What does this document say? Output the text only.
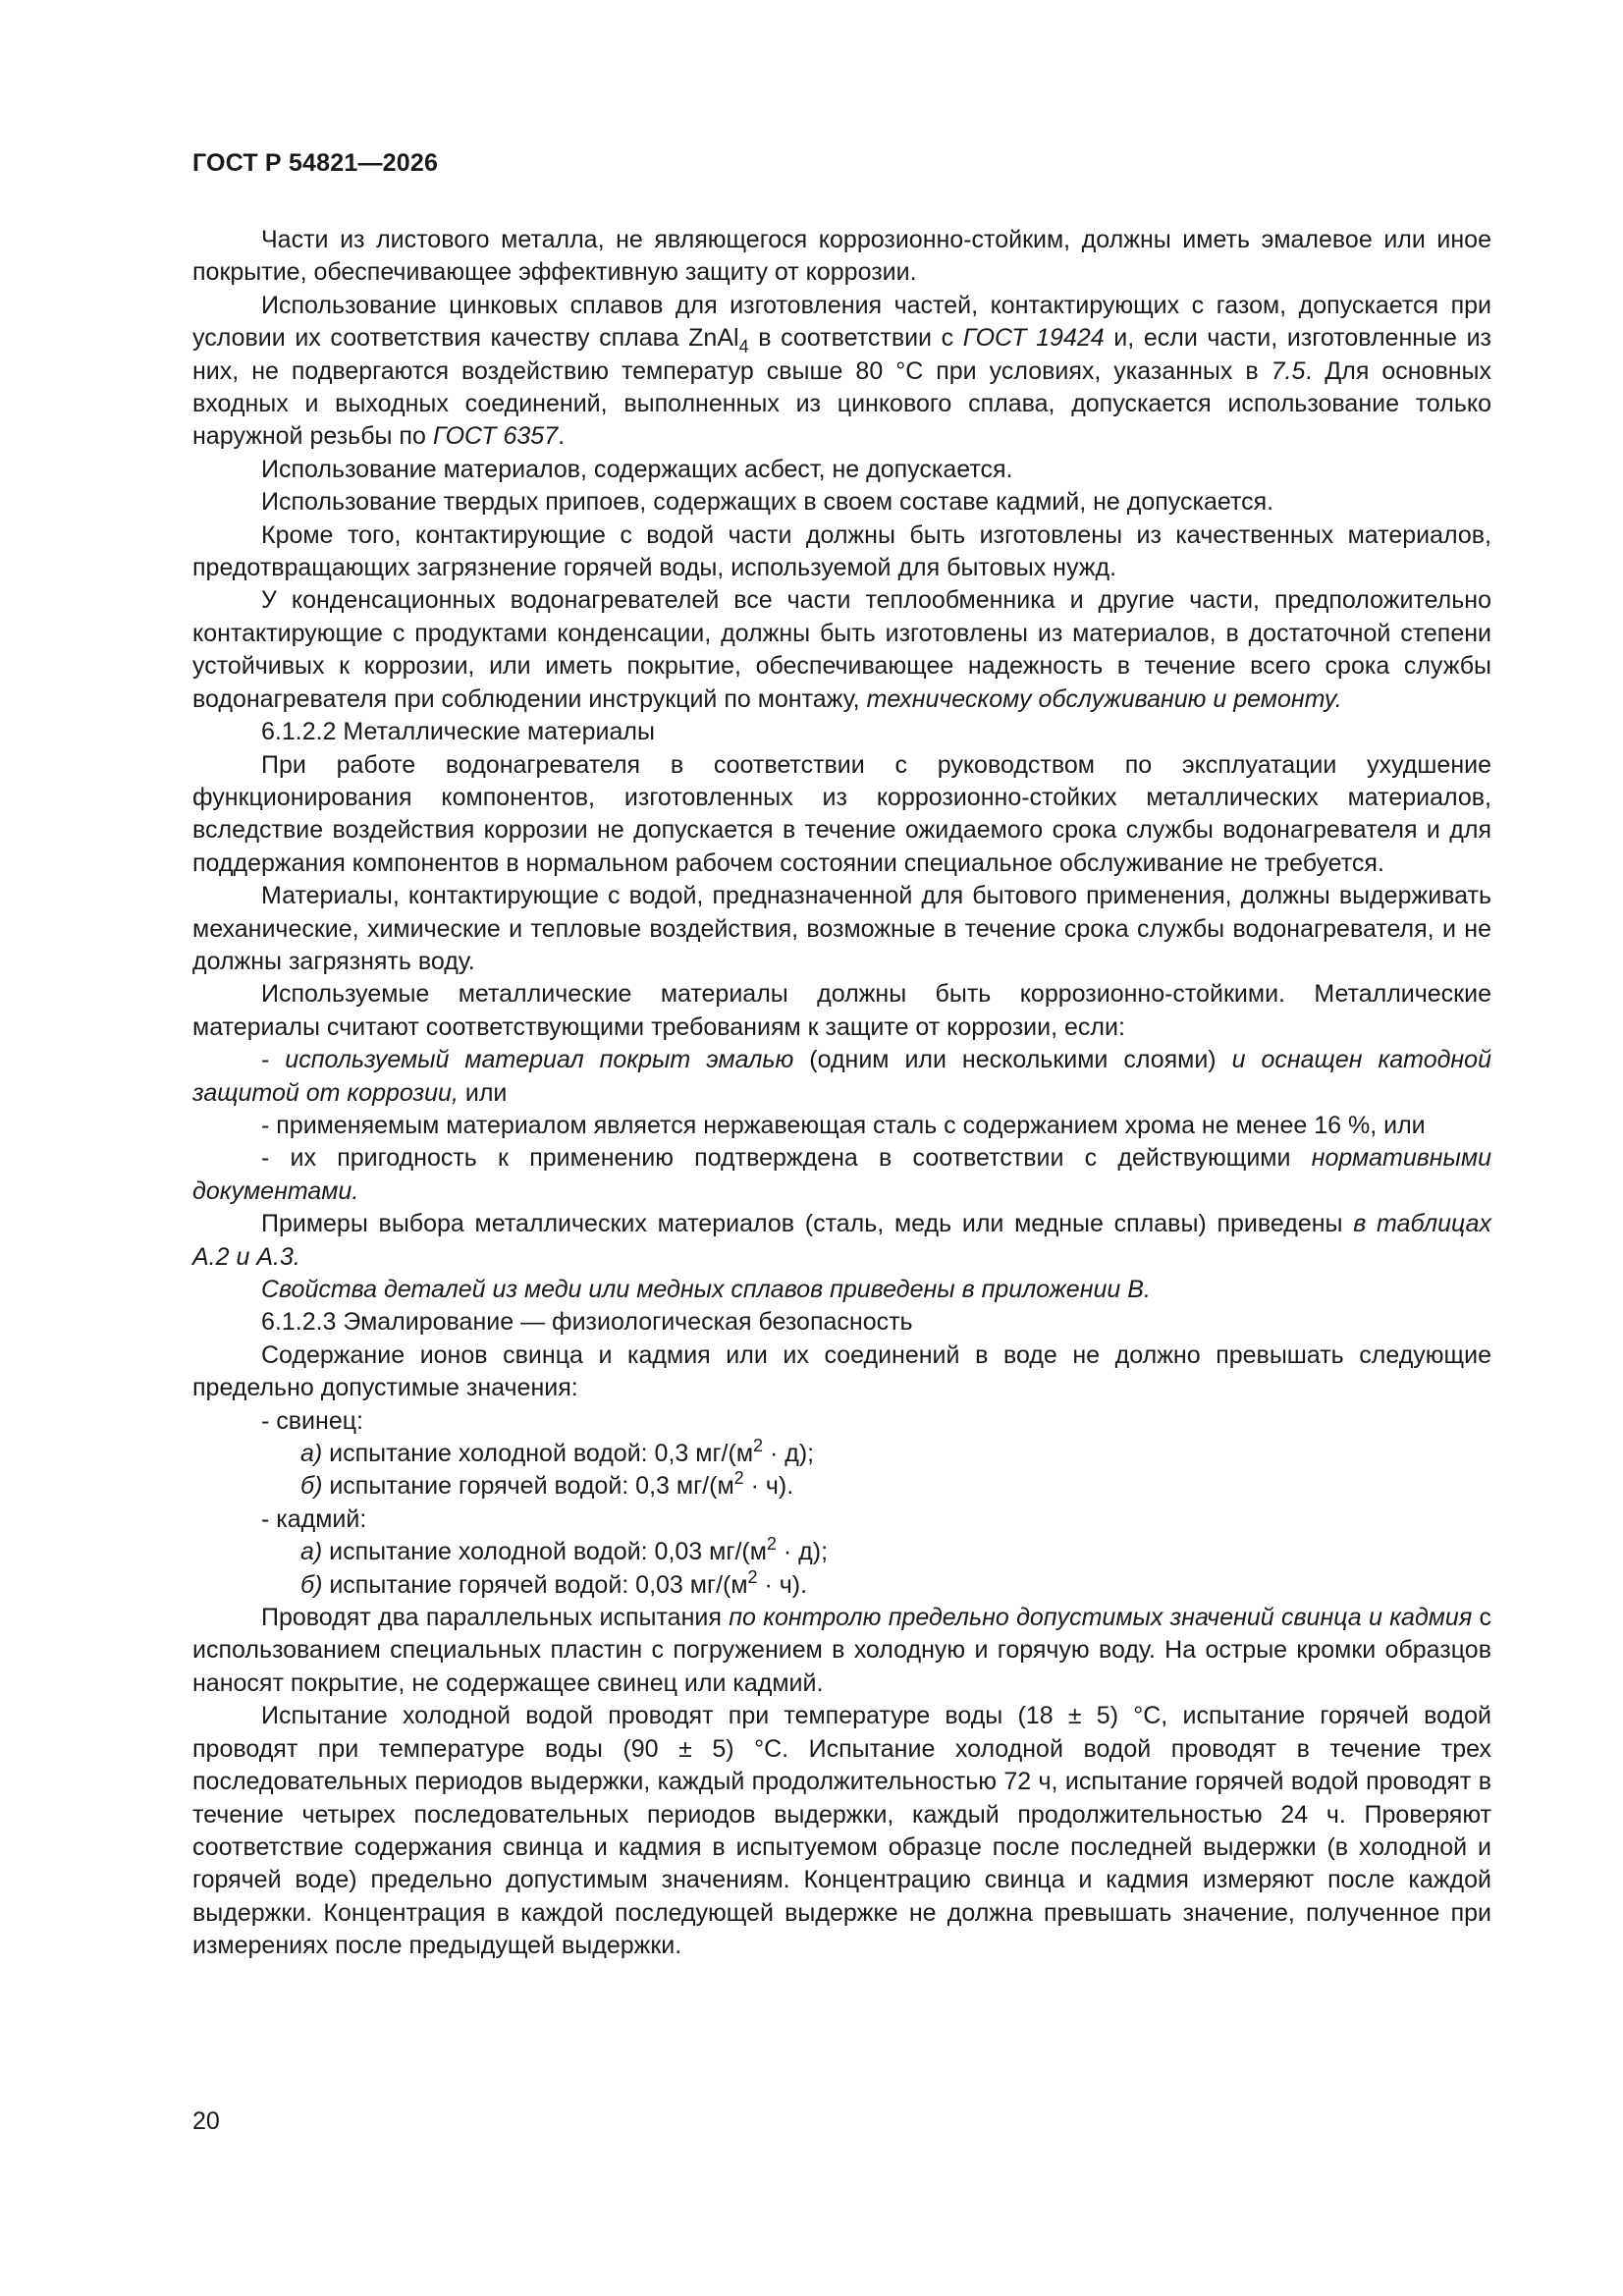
ГОСТ Р 54821—2026

Части из листового металла, не являющегося коррозионно-стойким, должны иметь эмалевое или иное покрытие, обеспечивающее эффективную защиту от коррозии.

Использование цинковых сплавов для изготовления частей, контактирующих с газом, допускается при условии их соответствия качеству сплава ZnAl$_4$ в соответствии с ГОСТ 19424 и, если части, изготовленные из них, не подвергаются воздействию температур свыше 80 °С при условиях, указанных в 7.5. Для основных входных и выходных соединений, выполненных из цинкового сплава, допускается использование только наружной резьбы по ГОСТ 6357.

Использование материалов, содержащих асбест, не допускается.

Использование твердых припоев, содержащих в своем составе кадмий, не допускается.

Кроме того, контактирующие с водой части должны быть изготовлены из качественных материалов, предотвращающих загрязнение горячей воды, используемой для бытовых нужд.

У конденсационных водонагревателей все части теплообменника и другие части, предположительно контактирующие с продуктами конденсации, должны быть изготовлены из материалов, в достаточной степени устойчивых к коррозии, или иметь покрытие, обеспечивающее надежность в течение всего срока службы водонагревателя при соблюдении инструкций по монтажу, техническому обслуживанию и ремонту.

6.1.2.2 Металлические материалы

При работе водонагревателя в соответствии с руководством по эксплуатации ухудшение функционирования компонентов, изготовленных из коррозионно-стойких металлических материалов, вследствие воздействия коррозии не допускается в течение ожидаемого срока службы водонагревателя и для поддержания компонентов в нормальном рабочем состоянии специальное обслуживание не требуется.

Материалы, контактирующие с водой, предназначенной для бытового применения, должны выдерживать механические, химические и тепловые воздействия, возможные в течение срока службы водонагревателя, и не должны загрязнять воду.

Используемые металлические материалы должны быть коррозионно-стойкими. Металлические материалы считают соответствующими требованиям к защите от коррозии, если:

- используемый материал покрыт эмалью (одним или несколькими слоями) и оснащен катодной защитой от коррозии, или

- применяемым материалом является нержавеющая сталь с содержанием хрома не менее 16 %, или

- их пригодность к применению подтверждена в соответствии с действующими нормативными документами.

Примеры выбора металлических материалов (сталь, медь или медные сплавы) приведены в таблицах А.2 и А.3.

Свойства деталей из меди или медных сплавов приведены в приложении В.

6.1.2.3 Эмалирование — физиологическая безопасность

Содержание ионов свинца и кадмия или их соединений в воде не должно превышать следующие предельно допустимые значения:

- свинец:

а) испытание холодной водой: 0,3 $мг/(м^2 \cdot д)$;

б) испытание горячей водой: 0,3 $мг/(м^2 \cdot ч)$.

- кадмий:

а) испытание холодной водой: 0,03 $мг/(м^2 \cdot д)$;

б) испытание горячей водой: 0,03 $мг/(м^2 \cdot ч)$.

Проводят два параллельных испытания по контролю предельно допустимых значений свинца и кадмия с использованием специальных пластин с погружением в холодную и горячую воду. На острые кромки образцов наносят покрытие, не содержащее свинец или кадмий.

Испытание холодной водой проводят при температуре воды (18 ± 5) °С, испытание горячей водой проводят при температуре воды (90 ± 5) °С. Испытание холодной водой проводят в течение трех последовательных периодов выдержки, каждый продолжительностью 72 ч, испытание горячей водой проводят в течение четырех последовательных периодов выдержки, каждый продолжительностью 24 ч. Проверяют соответствие содержания свинца и кадмия в испытуемом образце после последней выдержки (в холодной и горячей воде) предельно допустимым значениям. Концентрацию свинца и кадмия измеряют после каждой выдержки. Концентрация в каждой последующей выдержке не должна превышать значение, полученное при измерениях после предыдущей выдержки.

20
